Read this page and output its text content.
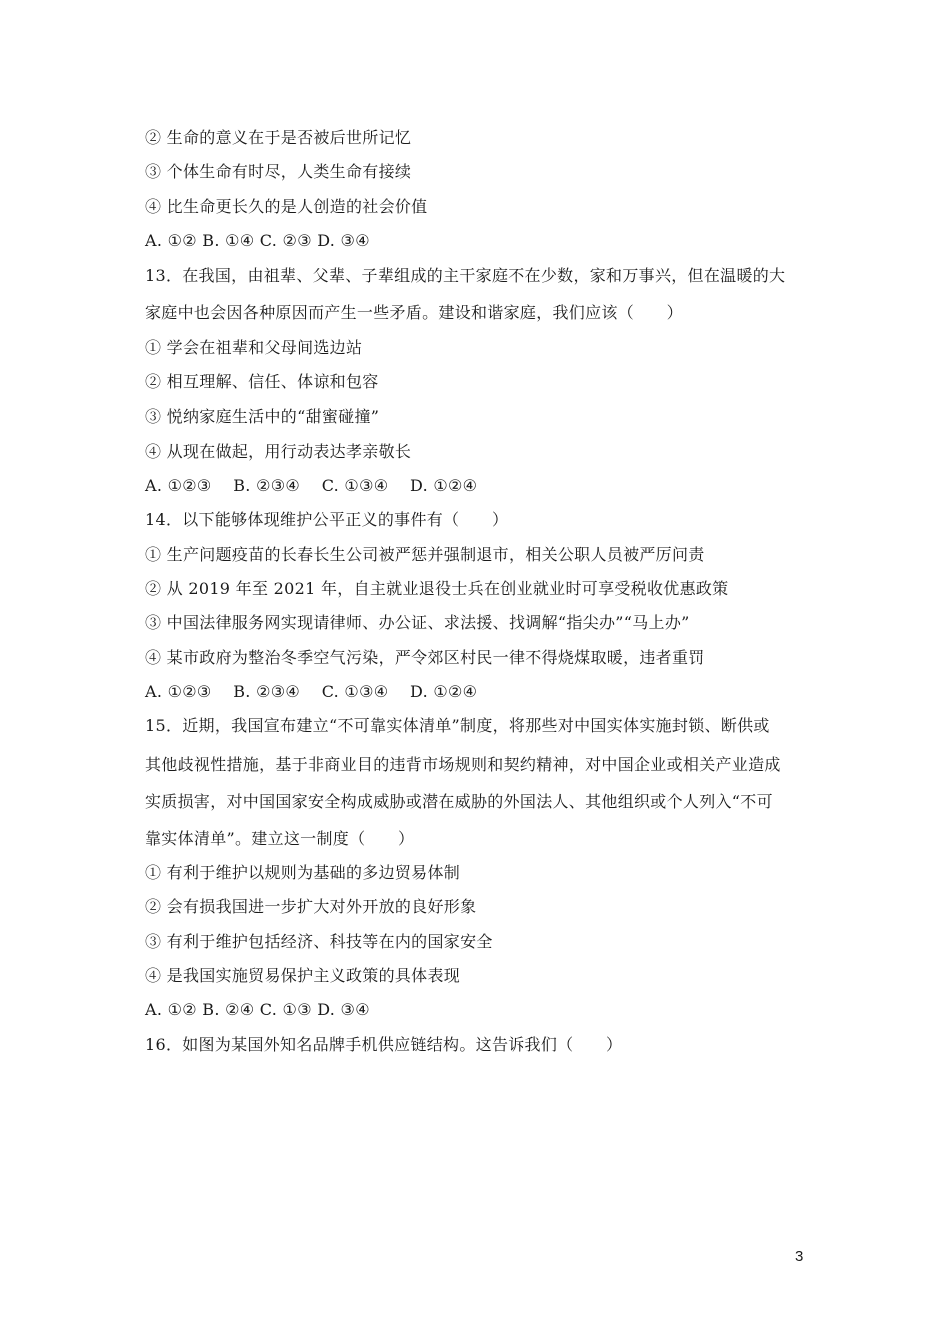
② 生命的意义在于是否被后世所记忆
③ 个体生命有时尽，人类生命有接续
④ 比生命更长久的是人创造的社会价值
A. ①② B. ①④ C. ②③ D. ③④
13．在我国，由祖辈、父辈、子辈组成的主干家庭不在少数，家和万事兴，但在温暖的大
家庭中也会因各种原因而产生一些矛盾。建设和谐家庭，我们应该（　　）
① 学会在祖辈和父母间选边站
② 相互理解、信任、体谅和包容
③ 悦纳家庭生活中的“甜蜜碰撞”
④ 从现在做起，用行动表达孝亲敬长
A. ①②③　 B. ②③④　 C. ①③④　 D. ①②④
14．以下能够体现维护公平正义的事件有（　　）
① 生产问题疫苗的长春长生公司被严惩并强制退市，相关公职人员被严厉问责
② 从 2019 年至 2021 年，自主就业退役士兵在创业就业时可享受税收优惠政策
③ 中国法律服务网实现请律师、办公证、求法援、找调解“指尖办”“马上办”
④ 某市政府为整治冬季空气污染，严令郊区村民一律不得烧煤取暖，违者重罚
A. ①②③　 B. ②③④　 C. ①③④　 D. ①②④
15．近期，我国宣布建立“不可靠实体清单”制度，将那些对中国实体实施封锁、断供或
其他歧视性措施，基于非商业目的违背市场规则和契约精神，对中国企业或相关产业造成
实质损害，对中国国家安全构成威胁或潜在威胁的外国法人、其他组织或个人列入“不可
靠实体清单”。建立这一制度（　　）
① 有利于维护以规则为基础的多边贸易体制
② 会有损我国进一步扩大对外开放的良好形象
③ 有利于维护包括经济、科技等在内的国家安全
④ 是我国实施贸易保护主义政策的具体表现
A. ①② B. ②④ C. ①③ D. ③④
16．如图为某国外知名品牌手机供应链结构。这告诉我们（　　）
3
